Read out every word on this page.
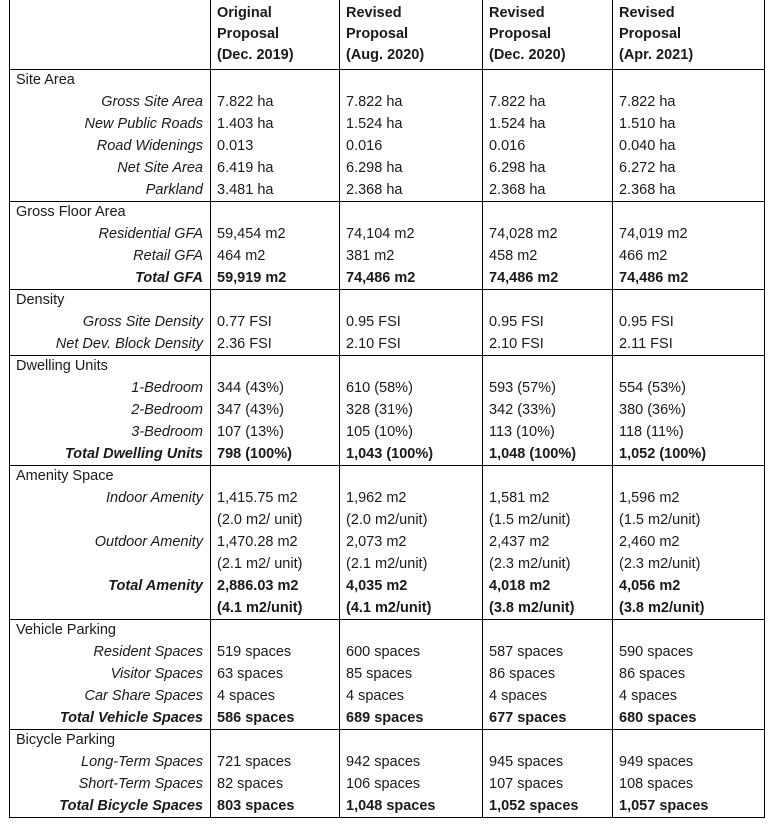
	Original
Proposal
(Dec. 2019)	Revised
Proposal
(Aug. 2020)	Revised
Proposal
(Dec. 2020)	Revised
Proposal
(Apr. 2021)

Site Area				
Gross Site Area	7.822 ha	7.822 ha	7.822 ha	7.822 ha
New Public Roads	1.403 ha	1.524 ha	1.524 ha	1.510 ha
Road Widenings	0.013	0.016	0.016	0.040 ha
Net Site Area	6.419 ha	6.298 ha	6.298 ha	6.272 ha
Parkland	3.481 ha	2.368 ha	2.368 ha	2.368 ha
Gross Floor Area				
Residential GFA	59,454 m2	74,104 m2	74,028 m2	74,019 m2
Retail GFA	464 m2	381 m2	458 m2	466 m2
Total GFA	59,919 m2	74,486 m2	74,486 m2	74,486 m2
Density				
Gross Site Density	0.77 FSI	0.95 FSI	0.95 FSI	0.95 FSI
Net Dev. Block Density	2.36 FSI	2.10 FSI	2.10 FSI	2.11 FSI
Dwelling Units				
1-Bedroom	344 (43%)	610 (58%)	593 (57%)	554 (53%)
2-Bedroom	347 (43%)	328 (31%)	342 (33%)	380 (36%)
3-Bedroom	107 (13%)	105 (10%)	113 (10%)	118 (11%)
Total Dwelling Units	798 (100%)	1,043 (100%)	1,048 (100%)	1,052 (100%)
Amenity Space				
Indoor Amenity	1,415.75 m2	1,962 m2	1,581 m2	1,596 m2
	(2.0 m2/ unit)	(2.0 m2/unit)	(1.5 m2/unit)	(1.5 m2/unit)
Outdoor Amenity	1,470.28 m2	2,073 m2	2,437 m2	2,460 m2
	(2.1 m2/ unit)	(2.1 m2/unit)	(2.3 m2/unit)	(2.3 m2/unit)
Total Amenity	2,886.03 m2	4,035 m2	4,018 m2	4,056 m2
	(4.1 m2/unit)	(4.1 m2/unit)	(3.8 m2/unit)	(3.8 m2/unit)
Vehicle Parking				
Resident Spaces	519 spaces	600 spaces	587 spaces	590 spaces
Visitor Spaces	63 spaces	85 spaces	86 spaces	86 spaces
Car Share Spaces	4 spaces	4 spaces	4 spaces	4 spaces
Total Vehicle Spaces	586 spaces	689 spaces	677 spaces	680 spaces
Bicycle Parking				
Long-Term Spaces	721 spaces	942 spaces	945 spaces	949 spaces
Short-Term Spaces	82 spaces	106 spaces	107 spaces	108 spaces
Total Bicycle Spaces	803 spaces	1,048 spaces	1,052 spaces	1,057 spaces
